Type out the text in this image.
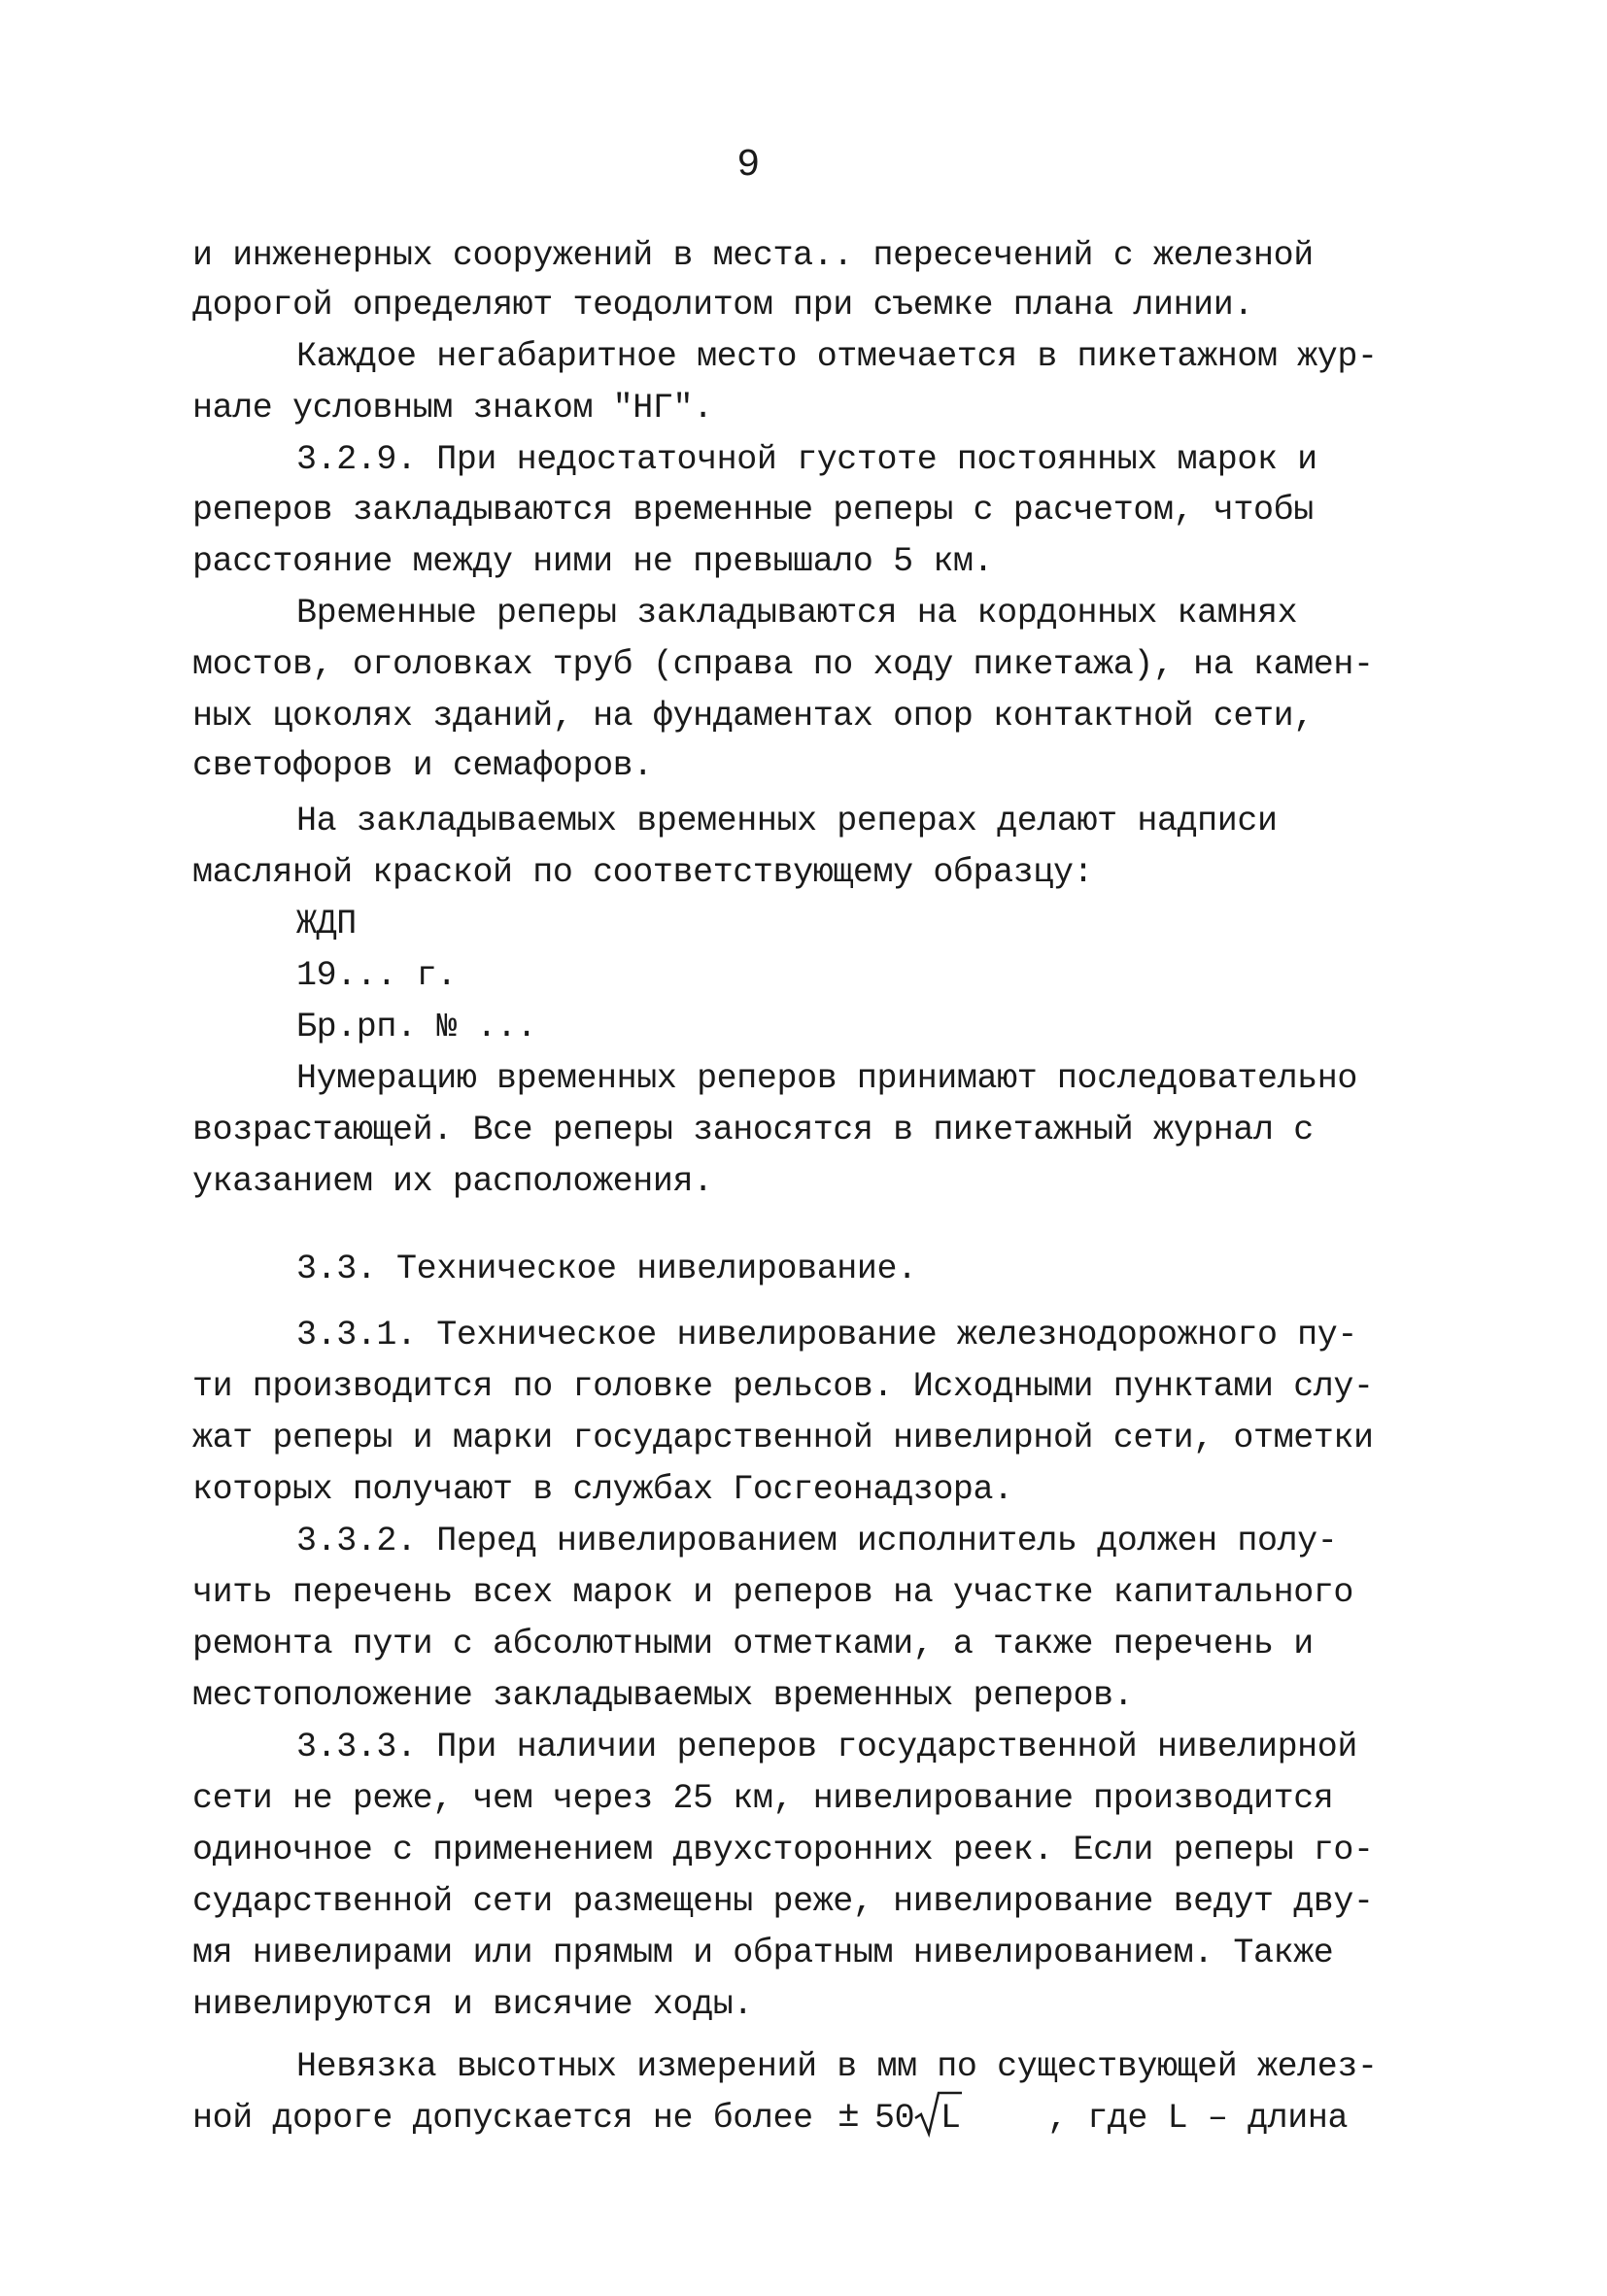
9
и инженерных сооружений в места.. пересечений с железной
дорогой определяют теодолитом при съемке плана линии.
Каждое негабаритное место отмечается в пикетажном жур-
нале условным знаком "НГ".
3.2.9. При недостаточной густоте постоянных марок и
реперов закладываются временные реперы с расчетом, чтобы
расстояние между ними не превышало 5 км.
Временные реперы закладываются на кордонных камнях
мостов, оголовках труб (справа по ходу пикетажа), на камен-
ных цоколях зданий, на фундаментах опор контактной сети,
светофоров и семафоров.
На закладываемых временных реперах делают надписи
масляной краской по соответствующему образцу:
ЖДП
19... г.
Бр.рп. № ...
Нумерацию временных реперов принимают последовательно
возрастающей. Все реперы заносятся в пикетажный журнал с
указанием их расположения.
3.3. Техническое нивелирование.
3.3.1. Техническое нивелирование железнодорожного пу-
ти производится по головке рельсов. Исходными пунктами слу-
жат реперы и марки государственной нивелирной сети, отметки
которых получают в службах Госгеонадзора.
3.3.2. Перед нивелированием исполнитель должен полу-
чить перечень всех марок и реперов на участке капитального
ремонта пути с абсолютными отметками, а также перечень и
местоположение закладываемых временных реперов.
3.3.3. При наличии реперов государственной нивелирной
сети не реже, чем через 25 км, нивелирование производится
одиночное с применением двухсторонних реек. Если реперы го-
сударственной сети размещены реже, нивелирование ведут дву-
мя нивелирами или прямым и обратным нивелированием. Также
нивелируются и висячие ходы.
Невязка высотных измерений в мм по существующей желез-
ной дороге допускается не более ± 50 L	, где L – длина
